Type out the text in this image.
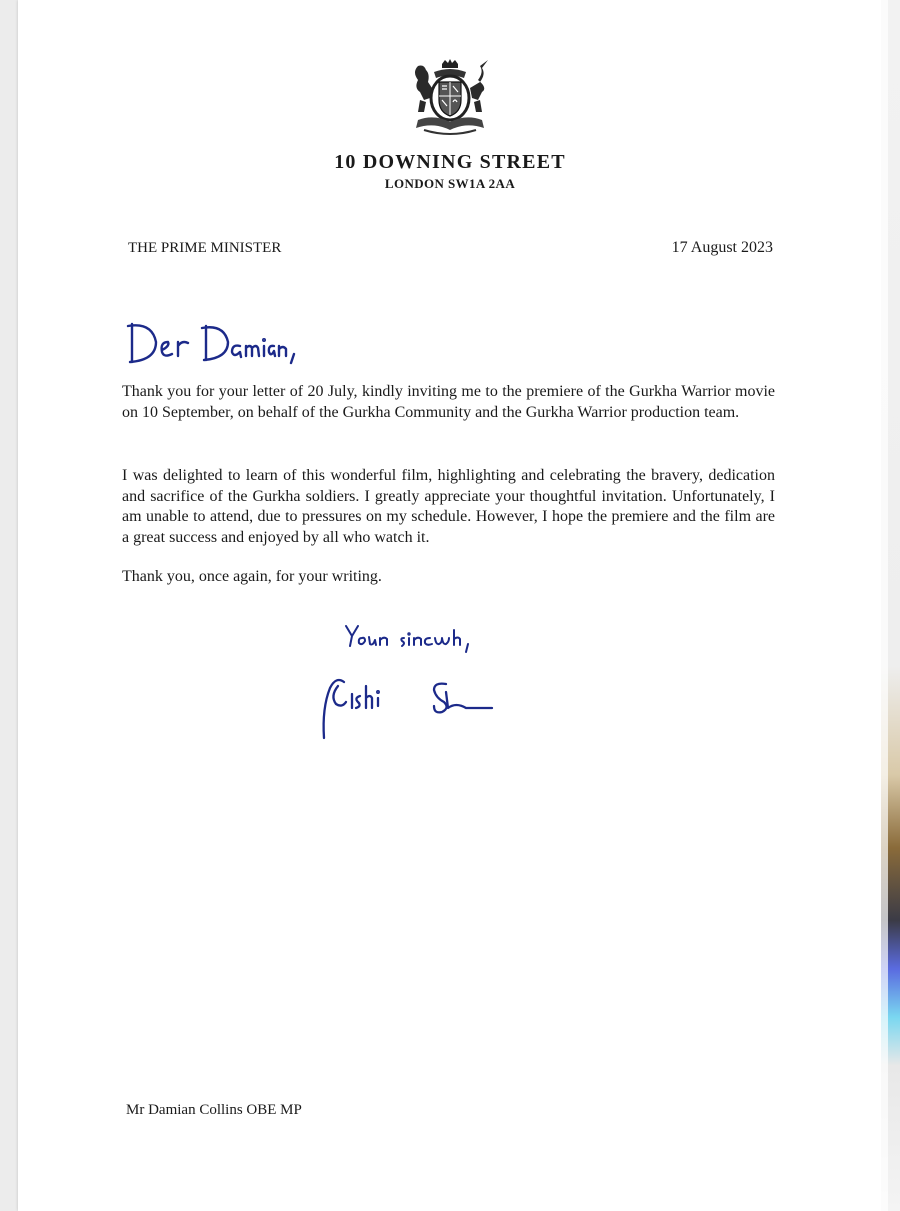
10 DOWNING STREET
LONDON SW1A 2AA
THE PRIME MINISTER	17 August 2023

Thank you for your letter of 20 July, kindly inviting me to the premiere of the Gurkha Warrior movie on 10 September, on behalf of the Gurkha Community and the Gurkha Warrior production team.

I was delighted to learn of this wonderful film, highlighting and celebrating the bravery, dedication and sacrifice of the Gurkha soldiers. I greatly appreciate your thoughtful invitation. Unfortunately, I am unable to attend, due to pressures on my schedule. However, I hope the premiere and the film are a great success and enjoyed by all who watch it.

Thank you, once again, for your writing.

Mr Damian Collins OBE MP
